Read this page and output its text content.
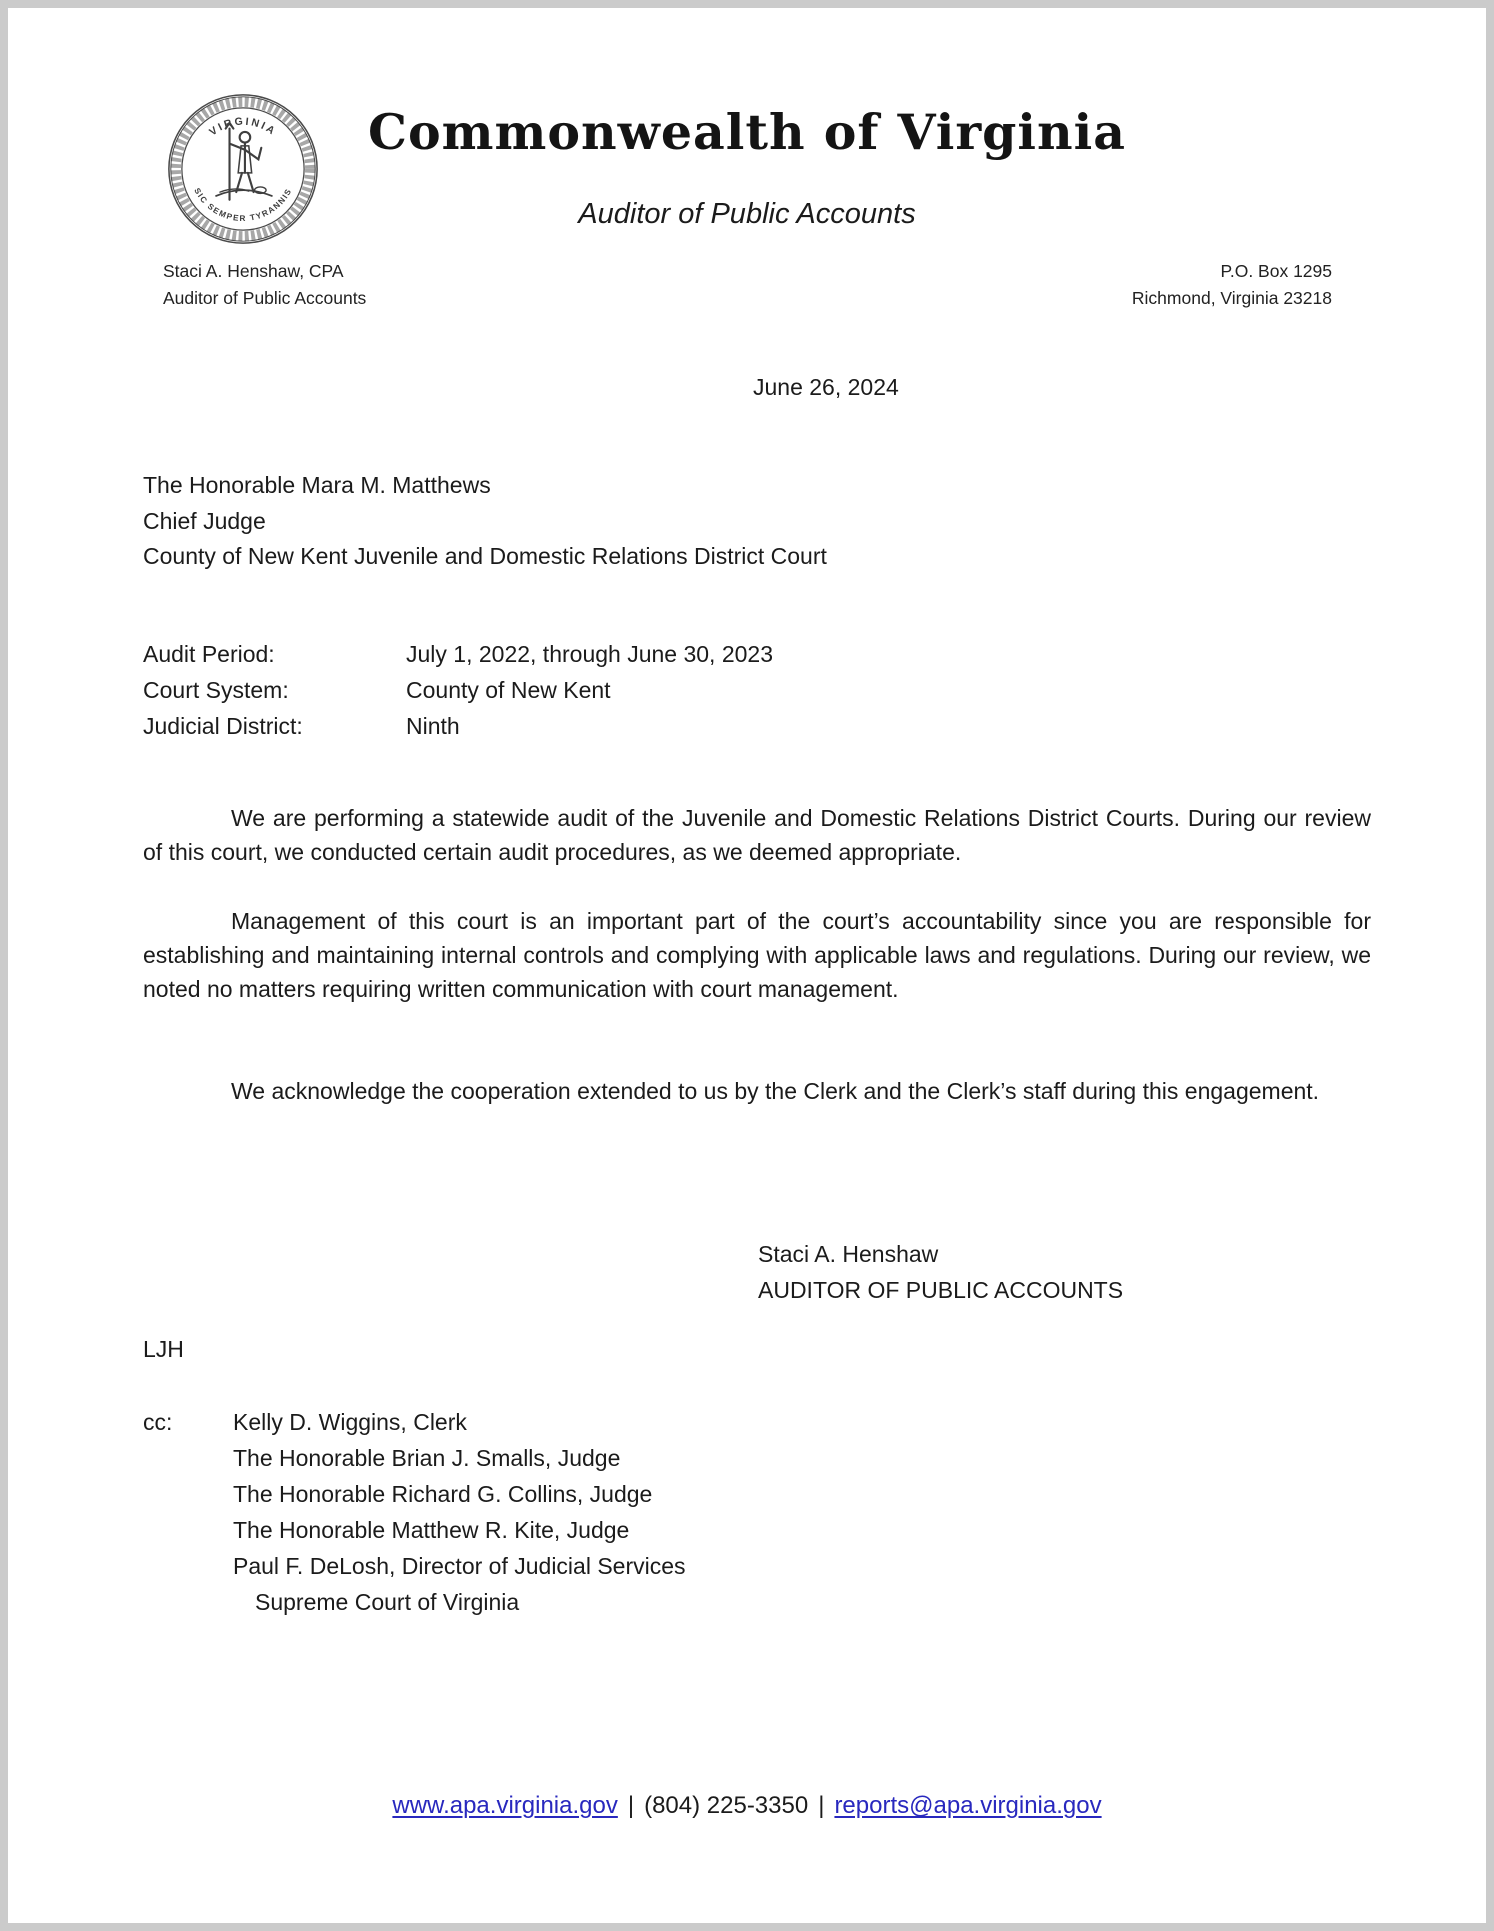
VIRGINIA
SIC SEMPER TYRANNIS
Commonwealth of Virginia
Auditor of Public Accounts
Staci A. Henshaw, CPA
Auditor of Public Accounts
P.O. Box 1295
Richmond, Virginia 23218
June 26, 2024
The Honorable Mara M. Matthews
Chief Judge
County of New Kent Juvenile and Domestic Relations District Court
Audit Period:	July 1, 2022, through June 30, 2023
Court System:	County of New Kent
Judicial District:	Ninth

We are performing a statewide audit of the Juvenile and Domestic Relations District Courts. During our review of this court, we conducted certain audit procedures, as we deemed appropriate.

Management of this court is an important part of the court’s accountability since you are responsible for establishing and maintaining internal controls and complying with applicable laws and regulations. During our review, we noted no matters requiring written communication with court management.

We acknowledge the cooperation extended to us by the Clerk and the Clerk’s staff during this engagement.

Staci A. Henshaw
AUDITOR OF PUBLIC ACCOUNTS
LJH
cc:	Kelly D. Wiggins, Clerk
The Honorable Brian J. Smalls, Judge
The Honorable Richard G. Collins, Judge
The Honorable Matthew R. Kite, Judge
Paul F. DeLosh, Director of Judicial Services
Supreme Court of Virginia
www.apa.virginia.gov | (804) 225-3350 | reports@apa.virginia.gov
